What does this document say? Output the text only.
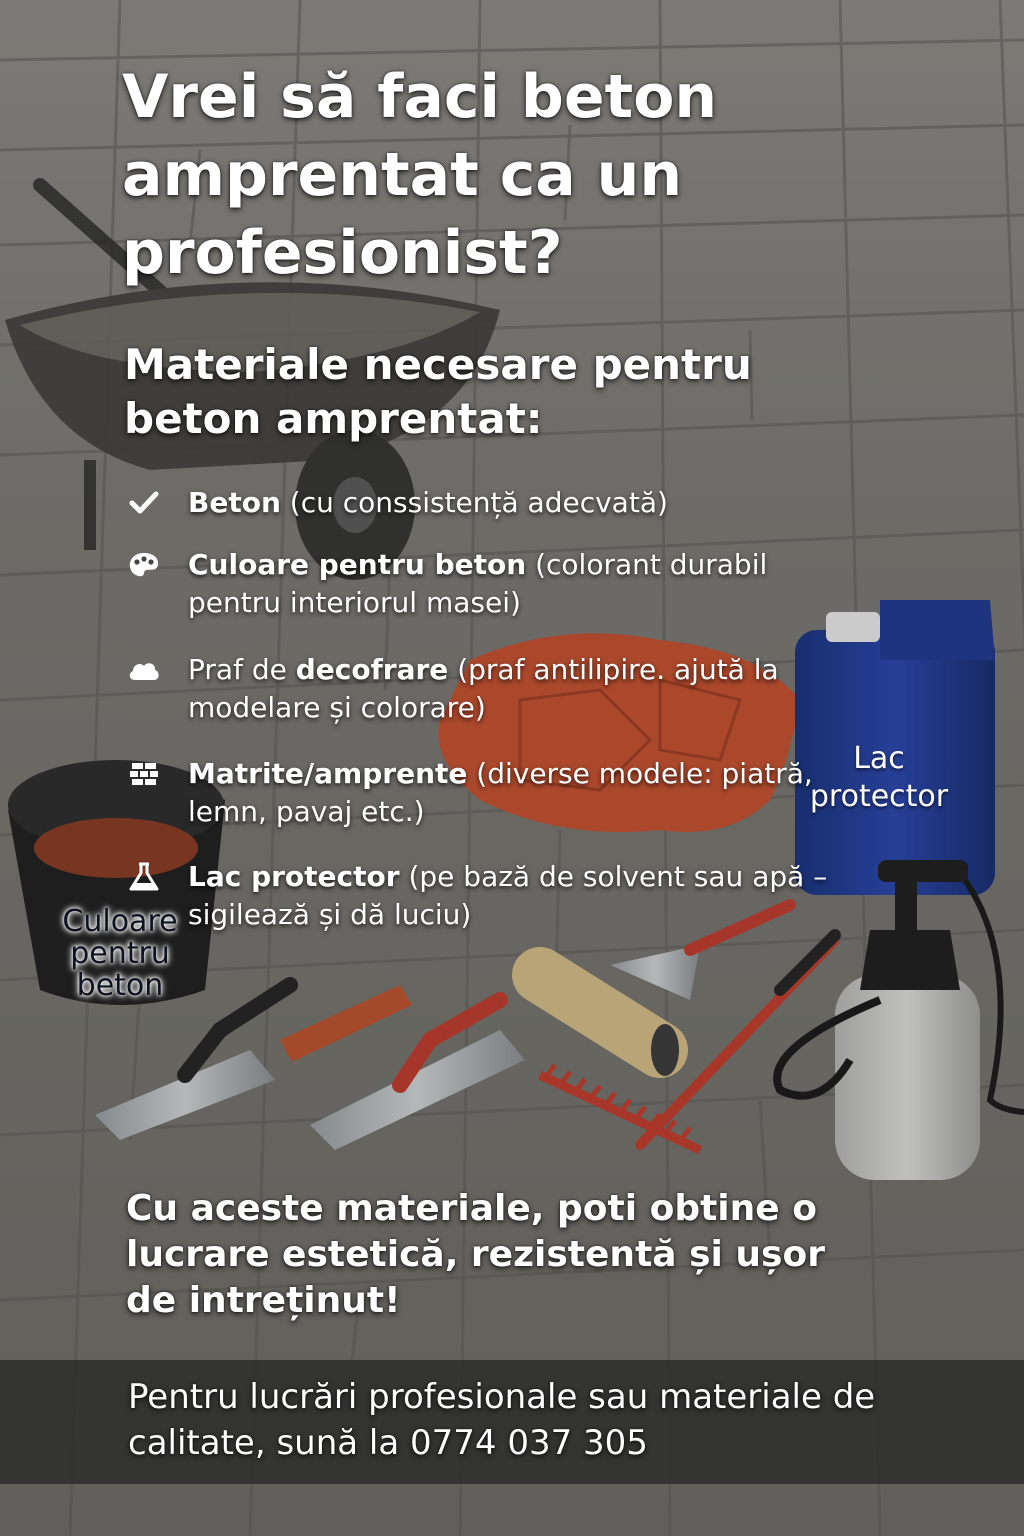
Vrei să faci beton amprentat ca un profesionist?
Materiale necesare pentru beton amprentat:
Beton (cu conssistență adecvată)
Culoare pentru beton (colorant durabil pentru interiorul masei)
Praf de decofrare (praf antilipire. ajută la modelare și colorare)
Matrite/amprente (diverse modele: piatră, lemn, pavaj etc.)
Lac protector (pe bază de solvent sau apă – sigilează și dă luciu)
Lac protector
Culoare pentru beton
Cu aceste materiale, poti obtine o lucrare estetică, rezistentă și ușor de intreținut!
Pentru lucrări profesionale sau materiale de calitate, sună la 0774 037 305
